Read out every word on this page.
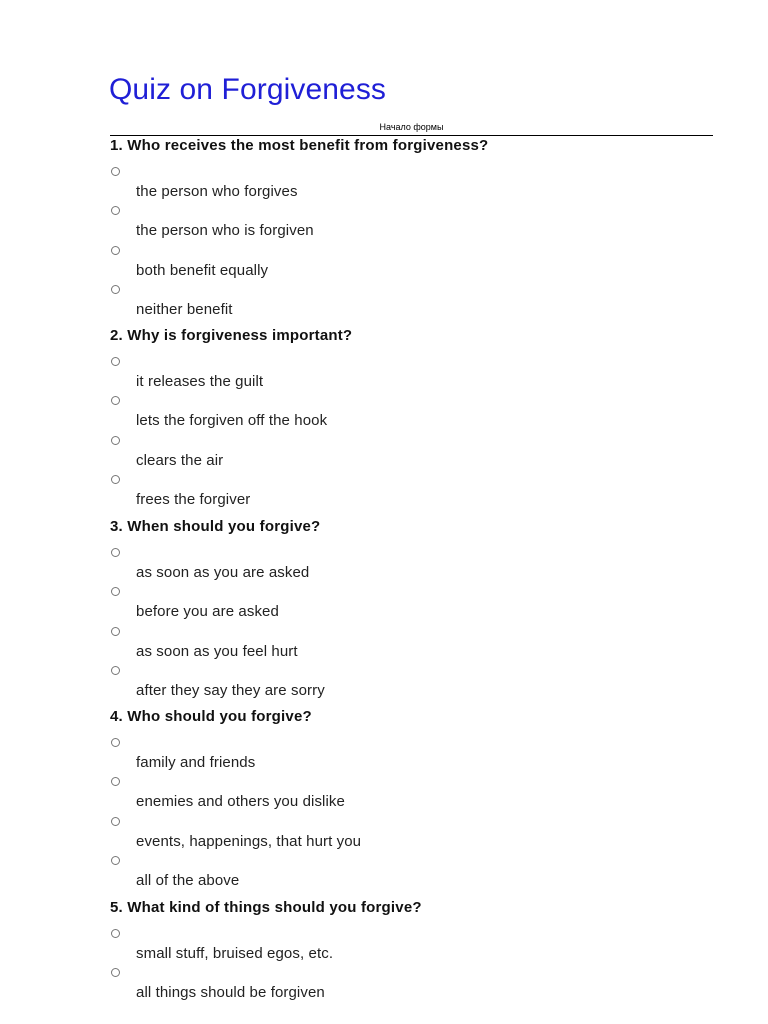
Quiz on Forgiveness
Начало формы
1. Who receives the most benefit from forgiveness?
the person who forgives
the person who is forgiven
both benefit equally
neither benefit
2. Why is forgiveness important?
it releases the guilt
lets the forgiven off the hook
clears the air
frees the forgiver
3. When should you forgive?
as soon as you are asked
before you are asked
as soon as you feel hurt
after they say they are sorry
4. Who should you forgive?
family and friends
enemies and others you dislike
events, happenings, that hurt you
all of the above
5. What kind of things should you forgive?
small stuff, bruised egos, etc.
all things should be forgiven
